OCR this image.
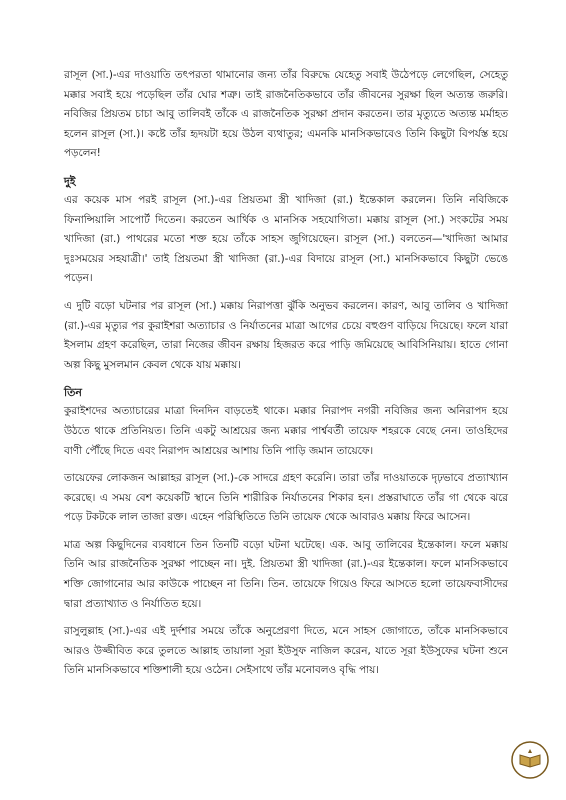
রাসূল (সা.)-এর দাওয়াতি তৎপরতা থামানোর জন্য তাঁর বিরুদ্ধে যেহেতু সবাই উঠেপড়ে লেগেছিল, সেহেতু মক্কার সবাই হয়ে পড়েছিল তাঁর ঘোর শত্রু। তাই রাজনৈতিকভাবে তাঁর জীবনের সুরক্ষা ছিল অত্যন্ত জরুরি। নবিজির প্রিয়তম চাচা আবু তালিবই তাঁকে এ রাজনৈতিক সুরক্ষা প্রদান করতেন। তার মৃত্যুতে অত্যন্ত মর্মাহত হলেন রাসূল (সা.)। কষ্টে তাঁর হৃদয়টা হয়ে উঠল ব্যথাতুর; এমনকি মানসিকভাবেও তিনি কিছুটা বিপর্যস্ত হয়ে পড়লেন!

দুই

এর কয়েক মাস পরই রাসূল (সা.)-এর প্রিয়তমা স্ত্রী খাদিজা (রা.) ইন্তেকাল করলেন। তিনি নবিজিকে ফিনান্সিয়ালি সাপোর্ট দিতেন। করতেন আর্থিক ও মানসিক সহযোগিতা। মক্কায় রাসূল (সা.) সংকটের সময় খাদিজা (রা.) পাথরের মতো শক্ত হয়ে তাঁকে সাহস জুগিয়েছেন। রাসূল (সা.) বলতেন—'খাদিজা আমার দুঃসময়ের সহযাত্রী।' তাই প্রিয়তমা স্ত্রী খাদিজা (রা.)-এর বিদায়ে রাসূল (সা.) মানসিকভাবে কিছুটা ভেঙে পড়েন।

এ দুটি বড়ো ঘটনার পর রাসূল (সা.) মক্কায় নিরাপত্তা ঝুঁকি অনুভব করলেন। কারণ, আবু তালিব ও খাদিজা (রা.)-এর মৃত্যুর পর কুরাইশরা অত্যাচার ও নির্যাতনের মাত্রা আগের চেয়ে বহুগুণ বাড়িয়ে দিয়েছে। ফলে যারা ইসলাম গ্রহণ করেছিল, তারা নিজের জীবন রক্ষায় হিজরত করে পাড়ি জমিয়েছে আবিসিনিয়ায়। হাতে গোনা অল্প কিছু মুসলমান কেবল থেকে যায় মক্কায়।

তিন

কুরাইশদের অত্যাচারের মাত্রা দিনদিন বাড়তেই থাকে। মক্কার নিরাপদ নগরী নবিজির জন্য অনিরাপদ হয়ে উঠতে থাকে প্রতিনিয়ত। তিনি একটু আশ্রয়ের জন্য মক্কার পার্শ্ববর্তী তায়েফ শহরকে বেছে নেন। তাওহিদের বাণী পৌঁছে দিতে এবং নিরাপদ আশ্রয়ের আশায় তিনি পাড়ি জমান তায়েফে।

তায়েফের লোকজন আল্লাহর রাসূল (সা.)-কে সাদরে গ্রহণ করেনি। তারা তাঁর দাওয়াতকে দৃঢ়ভাবে প্রত্যাখ্যান করেছে। এ সময় বেশ কয়েকটি স্থানে তিনি শারীরিক নির্যাতনের শিকার হন। প্রস্তরাঘাতে তাঁর গা থেকে ঝরে পড়ে টকটকে লাল তাজা রক্ত। এহেন পরিস্থিতিতে তিনি তায়েফ থেকে আবারও মক্কায় ফিরে আসেন।

মাত্র অল্প কিছুদিনের ব্যবধানে তিন তিনটি বড়ো ঘটনা ঘটেছে। এক. আবু তালিবের ইন্তেকাল। ফলে মক্কায় তিনি আর রাজনৈতিক সুরক্ষা পাচ্ছেন না। দুই. প্রিয়তমা স্ত্রী খাদিজা (রা.)-এর ইন্তেকাল। ফলে মানসিকভাবে শক্তি জোগানোর আর কাউকে পাচ্ছেন না তিনি। তিন. তায়েফে গিয়েও ফিরে আসতে হলো তায়েফবাসীদের দ্বারা প্রত্যাখ্যাত ও নির্যাতিত হয়ে।

রাসুলুল্লাহ (সা.)-এর এই দুর্দশার সময়ে তাঁকে অনুপ্রেরণা দিতে, মনে সাহস জোগাতে, তাঁকে মানসিকভাবে আরও উজ্জীবিত করে তুলতে আল্লাহ তায়ালা সূরা ইউসুফ নাজিল করেন, যাতে সূরা ইউসুফের ঘটনা শুনে তিনি মানসিকভাবে শক্তিশালী হয়ে ওঠেন। সেইসাথে তাঁর মনোবলও বৃদ্ধি পায়।
